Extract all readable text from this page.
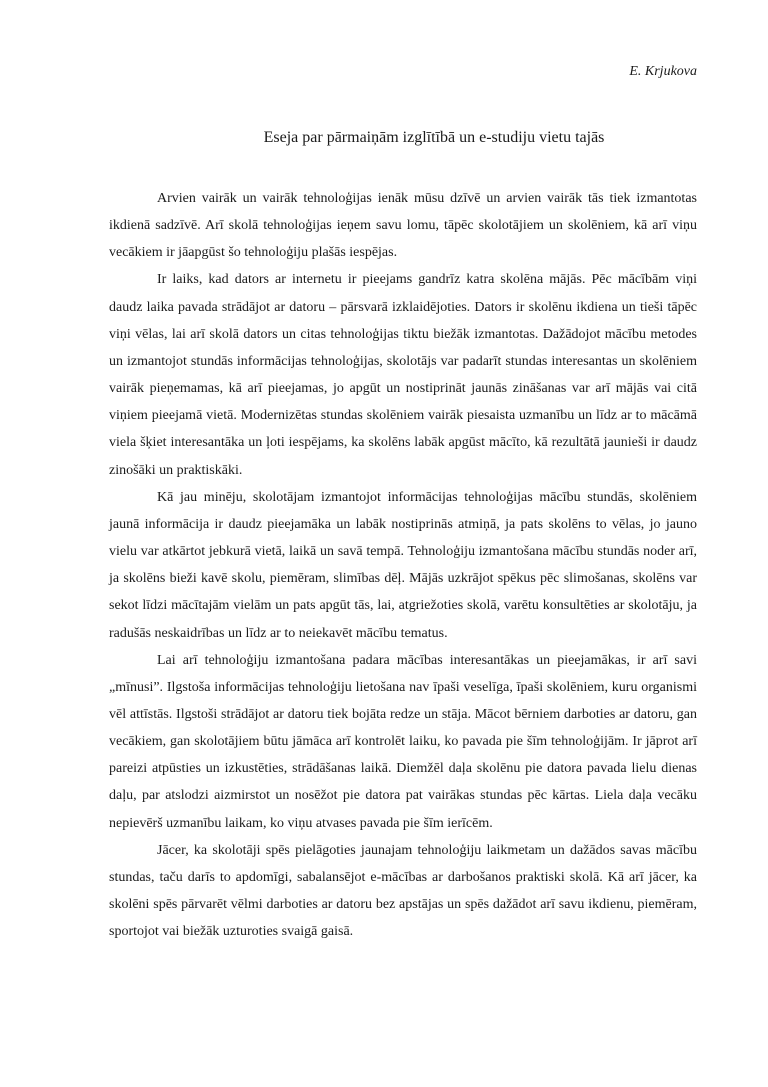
E. Krjukova

Eseja par pārmaiņām izglītībā un e-studiju vietu tajās

Arvien vairāk un vairāk tehnoloģijas ienāk mūsu dzīvē un arvien vairāk tās tiek izmantotas ikdienā sadzīvē. Arī skolā tehnoloģijas ieņem savu lomu, tāpēc skolotājiem un skolēniem, kā arī viņu vecākiem ir jāapgūst šo tehnoloģiju plašās iespējas.

Ir laiks, kad dators ar internetu ir pieejams gandrīz katra skolēna mājās. Pēc mācībām viņi daudz laika pavada strādājot ar datoru – pārsvarā izklaidējoties. Dators ir skolēnu ikdiena un tieši tāpēc viņi vēlas, lai arī skolā dators un citas tehnoloģijas tiktu biežāk izmantotas. Dažādojot mācību metodes un izmantojot stundās informācijas tehnoloģijas, skolotājs var padarīt stundas interesantas un skolēniem vairāk pieņemamas, kā arī pieejamas, jo apgūt un nostiprināt jaunās zināšanas var arī mājās vai citā viņiem pieejamā vietā. Modernizētas stundas skolēniem vairāk piesaista uzmanību un līdz ar to mācāmā viela šķiet interesantāka un ļoti iespējams, ka skolēns labāk apgūst mācīto, kā rezultātā jaunieši ir daudz zinošāki un praktiskāki.

Kā jau minēju, skolotājam izmantojot informācijas tehnoloģijas mācību stundās, skolēniem jaunā informācija ir daudz pieejamāka un labāk nostiprinās atmiņā, ja pats skolēns to vēlas, jo jauno vielu var atkārtot jebkurā vietā, laikā un savā tempā. Tehnoloģiju izmantošana mācību stundās noder arī, ja skolēns bieži kavē skolu, piemēram, slimības dēļ. Mājās uzkrājot spēkus pēc slimošanas, skolēns var sekot līdzi mācītajām vielām un pats apgūt tās, lai, atgriežoties skolā, varētu konsultēties ar skolotāju, ja radušās neskaidrības un līdz ar to neiekavēt mācību tematus.

Lai arī tehnoloģiju izmantošana padara mācības interesantākas un pieejamākas, ir arī savi „mīnusi”. Ilgstoša informācijas tehnoloģiju lietošana nav īpaši veselīga, īpaši skolēniem, kuru organismi vēl attīstās. Ilgstoši strādājot ar datoru tiek bojāta redze un stāja. Mācot bērniem darboties ar datoru, gan vecākiem, gan skolotājiem būtu jāmāca arī kontrolēt laiku, ko pavada pie šīm tehnoloģijām. Ir jāprot arī pareizi atpūsties un izkustēties, strādāšanas laikā. Diemžēl daļa skolēnu pie datora pavada lielu dienas daļu, par atslodzi aizmirstot un nosēžot pie datora pat vairākas stundas pēc kārtas. Liela daļa vecāku nepievērš uzmanību laikam, ko viņu atvases pavada pie šīm ierīcēm.

Jācer, ka skolotāji spēs pielāgoties jaunajam tehnoloģiju laikmetam un dažādos savas mācību stundas, taču darīs to apdomīgi, sabalansējot e-mācības ar darbošanos praktiski skolā. Kā arī jācer, ka skolēni spēs pārvarēt vēlmi darboties ar datoru bez apstājas un spēs dažādot arī savu ikdienu, piemēram, sportojot vai biežāk uzturoties svaigā gaisā.
